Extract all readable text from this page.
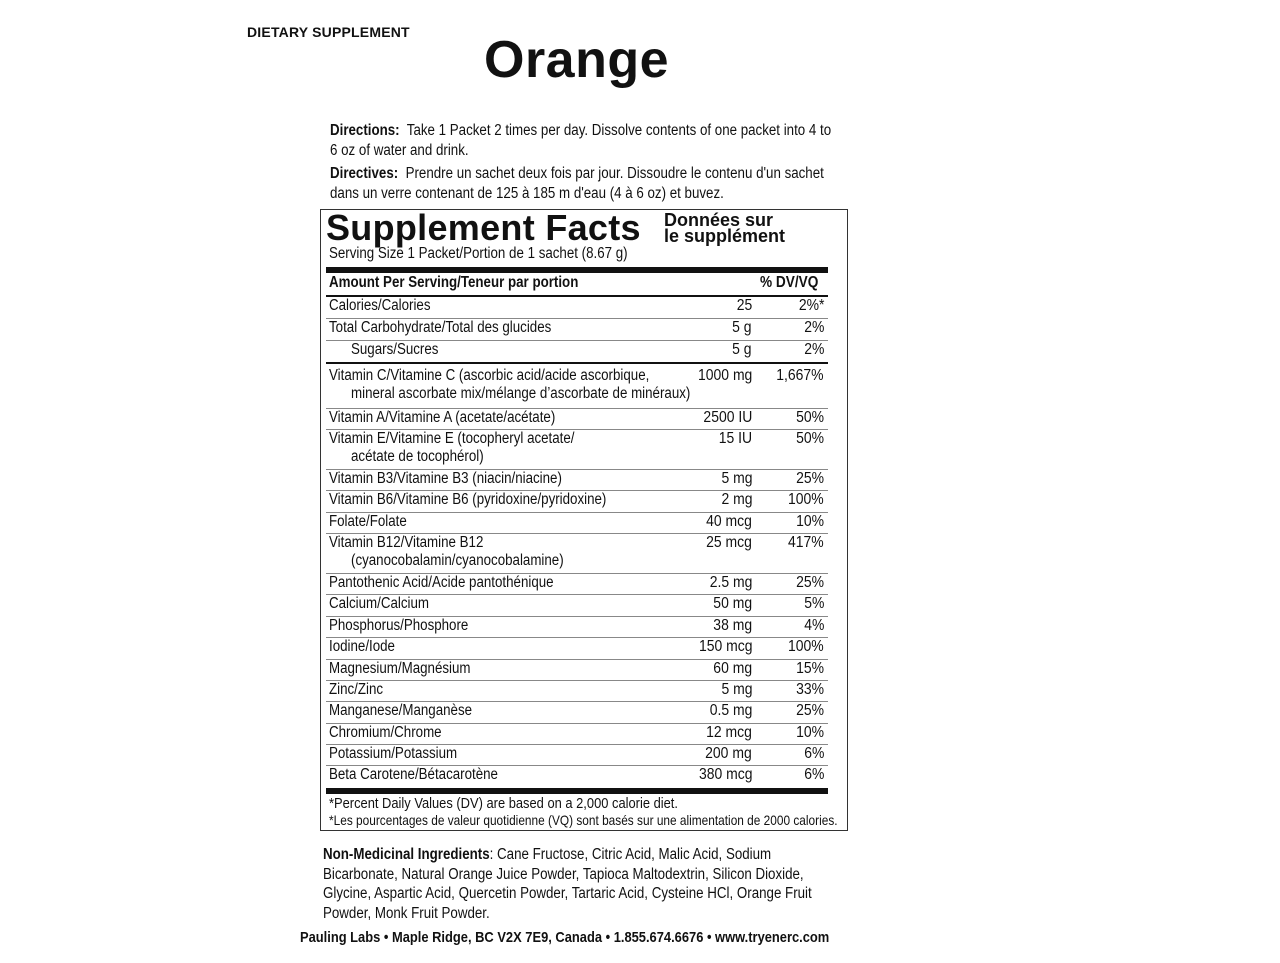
DIETARY SUPPLEMENT Orange
Directions: Take 1 Packet 2 times per day. Dissolve contents of one packet into 4 to
6 oz of water and drink.
Directives: Prendre un sachet deux fois par jour. Dissoudre le contenu d'un sachet
dans un verre contenant de 125 à 185 m d'eau (4 à 6 oz) et buvez.
Supplement Facts Données sur
le supplément
Serving Size 1 Packet/Portion de 1 sachet (8.67 g)
Amount Per Serving/Teneur par portion	% DV/VQ
Calories/Calories	25	2%*
Total Carbohydrate/Total des glucides	5 g	2%
Sugars/Sucres	5 g	2%
Vitamin C/Vitamine C (ascorbic acid/acide ascorbique,
mineral ascorbate mix/mélange d’ascorbate de minéraux)
1000 mg 1,667%
Vitamin A/Vitamine A (acetate/acétate)	2500 IU	50%
Vitamin E/Vitamine E (tocopheryl acetate/
acétate de tocophérol)
15 IU	50%
Vitamin B3/Vitamine B3 (niacin/niacine)	5 mg	25%
Vitamin B6/Vitamine B6 (pyridoxine/pyridoxine)	2 mg 100%
Folate/Folate	40 mcg	10%
Vitamin B12/Vitamine B12
(cyanocobalamin/cyanocobalamine)
25 mcg 417%
Pantothenic Acid/Acide pantothénique	2.5 mg	25%
Calcium/Calcium	50 mg	5%
Phosphorus/Phosphore	38 mg	4%
Iodine/Iode	150 mcg 100%
Magnesium/Magnésium	60 mg	15%
Zinc/Zinc	5 mg	33%
Manganese/Manganèse	0.5 mg	25%
Chromium/Chrome	12 mcg	10%
Potassium/Potassium	200 mg	6%
Beta Carotene/Bétacarotène	380 mcg	6%
*Percent Daily Values (DV) are based on a 2,000 calorie diet.
*Les pourcentages de valeur quotidienne (VQ) sont basés sur une alimentation de 2000 calories.
Non-Medicinal Ingredients: Cane Fructose, Citric Acid, Malic Acid, Sodium
Bicarbonate, Natural Orange Juice Powder, Tapioca Maltodextrin, Silicon Dioxide,
Glycine, Aspartic Acid, Quercetin Powder, Tartaric Acid, Cysteine HCl, Orange Fruit
Powder, Monk Fruit Powder.
Pauling Labs • Maple Ridge, BC V2X 7E9, Canada • 1.855.674.6676 • www.tryenerc.com
